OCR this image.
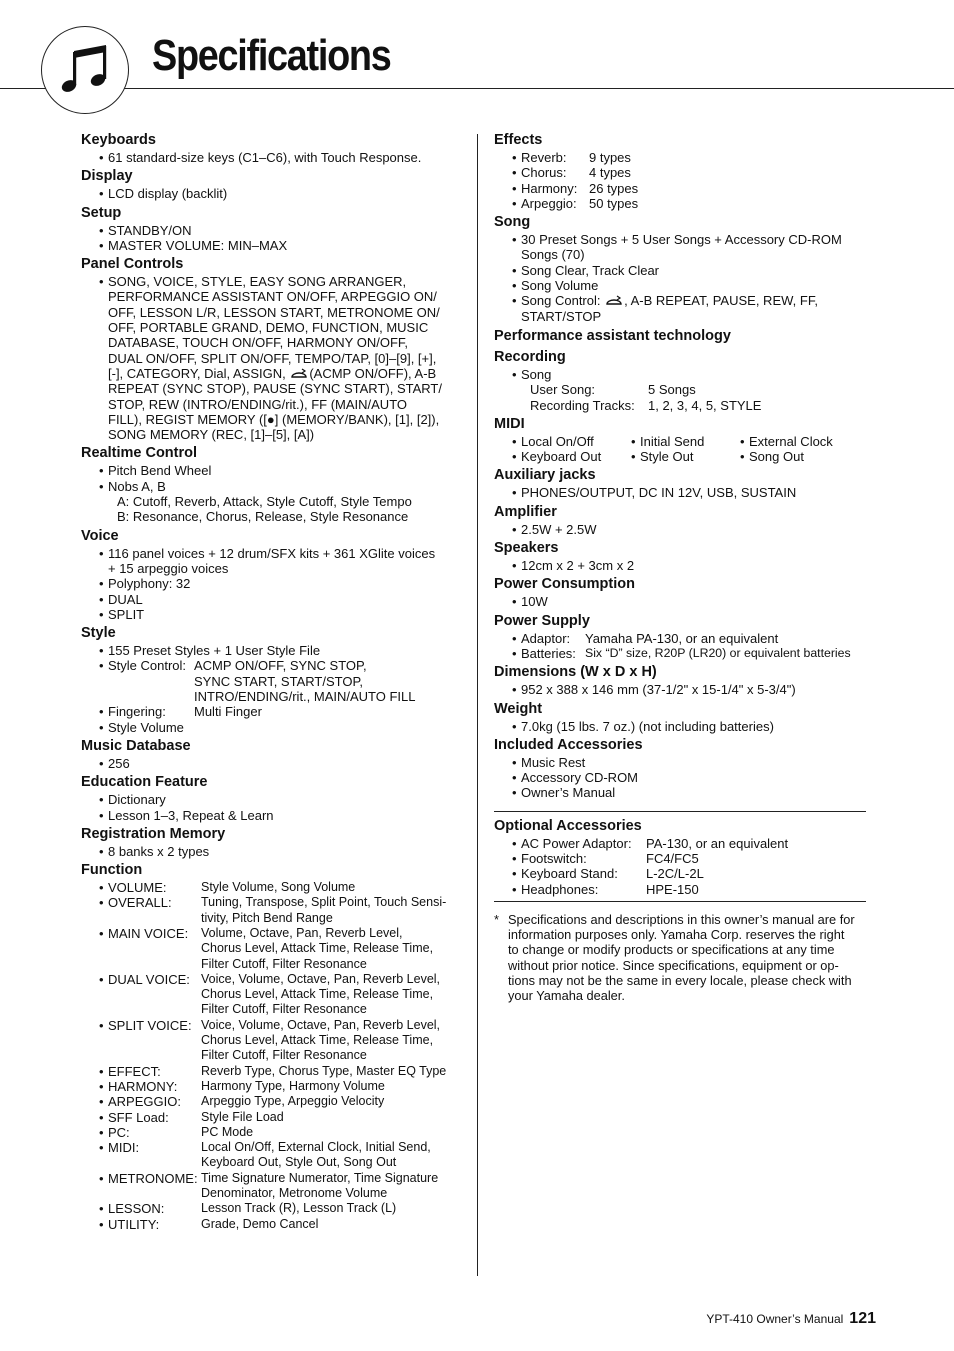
Specifications
Keyboards
• 61 standard-size keys (C1–C6), with Touch Response.
Display
• LCD display (backlit)
Setup
• STANDBY/ON
• MASTER VOLUME: MIN–MAX
Panel Controls
• SONG, VOICE, STYLE, EASY SONG ARRANGER,
PERFORMANCE ASSISTANT ON/OFF, ARPEGGIO ON/
OFF, LESSON L/R, LESSON START, METRONOME ON/
OFF, PORTABLE GRAND, DEMO, FUNCTION, MUSIC
DATABASE, TOUCH ON/OFF, HARMONY ON/OFF,
DUAL ON/OFF, SPLIT ON/OFF, TEMPO/TAP, [0]–[9], [+],
[-], CATEGORY, Dial, ASSIGN, (ACMP ON/OFF), A-B
REPEAT (SYNC STOP), PAUSE (SYNC START), START/
STOP, REW (INTRO/ENDING/rit.), FF (MAIN/AUTO
FILL), REGIST MEMORY ([●] (MEMORY/BANK), [1], [2]),
SONG MEMORY (REC, [1]–[5], [A])
Realtime Control
• Pitch Bend Wheel
• Nobs A, B
A: Cutoff, Reverb, Attack, Style Cutoff, Style Tempo
B: Resonance, Chorus, Release, Style Resonance
Voice
• 116 panel voices + 12 drum/SFX kits + 361 XGlite voices
+ 15 arpeggio voices
• Polyphony: 32
• DUAL
• SPLIT
Style
• 155 Preset Styles + 1 User Style File
• Style Control: ACMP ON/OFF, SYNC STOP,
SYNC START, START/STOP,
INTRO/ENDING/rit., MAIN/AUTO FILL
• Fingering:	Multi Finger
• Style Volume
Music Database
• 256
Education Feature
• Dictionary
• Lesson 1–3, Repeat & Learn
Registration Memory
• 8 banks x 2 types
Function
• VOLUME:	Style Volume, Song Volume
• OVERALL:	Tuning, Transpose, Split Point, Touch Sensi-
tivity, Pitch Bend Range
• MAIN VOICE:	Volume, Octave, Pan, Reverb Level,
Chorus Level, Attack Time, Release Time,
Filter Cutoff, Filter Resonance
• DUAL VOICE: Voice, Volume, Octave, Pan, Reverb Level,
Chorus Level, Attack Time, Release Time,
Filter Cutoff, Filter Resonance
• SPLIT VOICE: Voice, Volume, Octave, Pan, Reverb Level,
Chorus Level, Attack Time, Release Time,
Filter Cutoff, Filter Resonance
• EFFECT:	Reverb Type, Chorus Type, Master EQ Type
• HARMONY:	Harmony Type, Harmony Volume
• ARPEGGIO:	Arpeggio Type, Arpeggio Velocity
• SFF Load:	Style File Load
• PC:	PC Mode
• MIDI:	Local On/Off, External Clock, Initial Send,
Keyboard Out, Style Out, Song Out
• METRONOME: Time Signature Numerator, Time Signature
Denominator, Metronome Volume
• LESSON:	Lesson Track (R), Lesson Track (L)
• UTILITY:	Grade, Demo Cancel
Effects
• Reverb:	9 types
• Chorus:	4 types
• Harmony: 26 types
• Arpeggio: 50 types
Song
• 30 Preset Songs + 5 User Songs + Accessory CD-ROM
Songs (70)
• Song Clear, Track Clear
• Song Volume
• Song Control: , A-B REPEAT, PAUSE, REW, FF,
START/STOP
Performance assistant technology
Recording
• Song
User Song:	5 Songs
Recording Tracks:	1, 2, 3, 4, 5, STYLE
MIDI
• Local On/Off	• Initial Send	• External Clock
• Keyboard Out	• Style Out	• Song Out
Auxiliary jacks
• PHONES/OUTPUT, DC IN 12V, USB, SUSTAIN
Amplifier
• 2.5W + 2.5W
Speakers
• 12cm x 2 + 3cm x 2
Power Consumption
• 10W
Power Supply
• Adaptor:	Yamaha PA-130, or an equivalent
• Batteries: Six “D” size, R20P (LR20) or equivalent batteries
Dimensions (W x D x H)
• 952 x 388 x 146 mm (37-1/2" x 15-1/4" x 5-3/4")
Weight
• 7.0kg (15 lbs. 7 oz.) (not including batteries)
Included Accessories
• Music Rest
• Accessory CD-ROM
• Owner’s Manual
Optional Accessories
• AC Power Adaptor:	PA-130, or an equivalent
• Footswitch:	FC4/FC5
• Keyboard Stand:	L-2C/L-2L
• Headphones:	HPE-150
* Specifications and descriptions in this owner’s manual are for
information purposes only. Yamaha Corp. reserves the right
to change or modify products or specifications at any time
without prior notice. Since specifications, equipment or op-
tions may not be the same in every locale, please check with
your Yamaha dealer.
YPT-410 Owner’s Manual 121
